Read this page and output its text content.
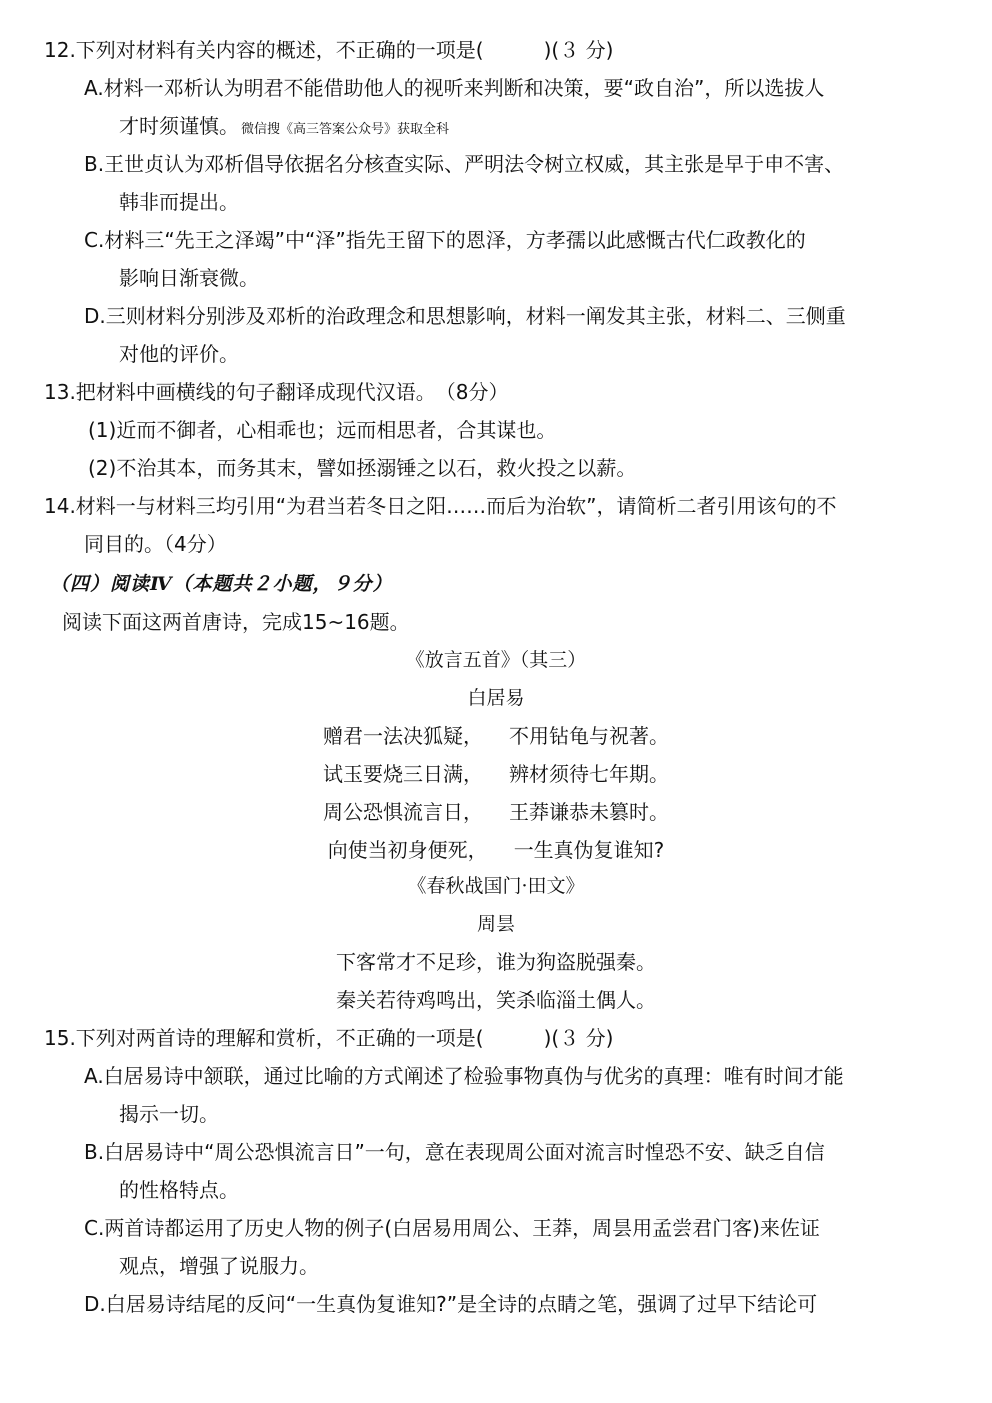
12.下列对材料有关内容的概述，不正确的一项是(　　　)(３ 分)
A.材料一邓析认为明君不能借助他人的视听来判断和决策，要“政自治”，所以选拔人
才时须谨慎。 微信搜《高三答案公众号》获取全科
B.王世贞认为邓析倡导依据名分核查实际、严明法令树立权威，其主张是早于申不害、
韩非而提出。
C.材料三“先王之泽竭”中“泽”指先王留下的恩泽，方孝孺以此感慨古代仁政教化的
影响日渐衰微。
D.三则材料分别涉及邓析的治政理念和思想影响，材料一阐发其主张，材料二、三侧重
对他的评价。
13.把材料中画横线的句子翻译成现代汉语。　（8分）
(1)近而不御者，心相乖也；远而相思者，合其谋也。
(2)不治其本，而务其末，譬如拯溺锤之以石，救火投之以薪。
14.材料一与材料三均引用“为君当若冬日之阳……而后为治软”，请简析二者引用该句的不
同目的。（4分）
（四）阅读Ⅳ（本题共２小题，９分）
阅读下面这两首唐诗，完成15~16题。
《放言五首》（其三）
白居易
赠君一法决狐疑， 不用钻龟与祝著。
试玉要烧三日满， 辨材须待七年期。
周公恐惧流言日， 王莽谦恭未篡时。
向使当初身便死， 一生真伪复谁知?
《春秋战国门·田文》
周昙
下客常才不足珍，谁为狗盗脱强秦。
秦关若待鸡鸣出，笑杀临淄土偶人。
15.下列对两首诗的理解和赏析，不正确的一项是(　　　)(３ 分)
A.白居易诗中颔联，通过比喻的方式阐述了检验事物真伪与优劣的真理：唯有时间才能
揭示一切。
B.白居易诗中“周公恐惧流言日”一句，意在表现周公面对流言时惶恐不安、缺乏自信
的性格特点。
C.两首诗都运用了历史人物的例子(白居易用周公、王莽，周昙用孟尝君门客)来佐证
观点，增强了说服力。
D.白居易诗结尾的反问“一生真伪复谁知?”是全诗的点睛之笔，强调了过早下结论可
